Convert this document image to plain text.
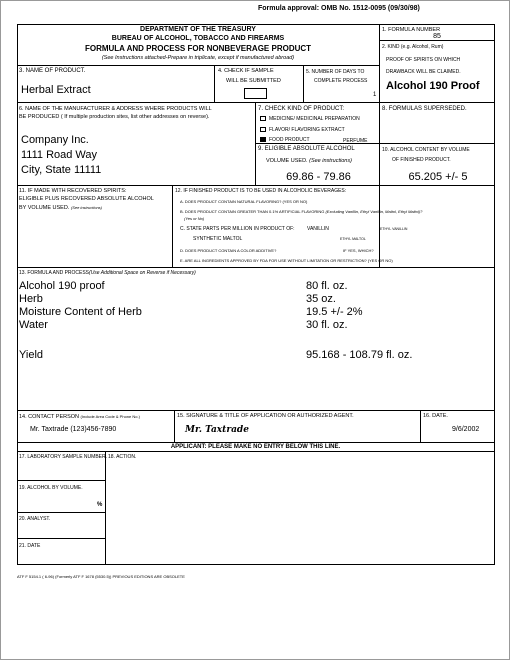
Formula approval: OMB No. 1512-0095 (09/30/98)
DEPARTMENT OF THE TREASURY
BUREAU OF ALCOHOL, TOBACCO AND FIREARMS
FORMULA AND PROCESS FOR NONBEVERAGE PRODUCT
(See Instructions attached-Prepare in triplicate, except if manufactured abroad)
1. FORMULA NUMBER
85
2. KIND (e.g. Alcohol, Rum)
PROOF OF SPIRITS ON WHICH
DRAWBACK WILL BE CLAIMED.
Alcohol 190 Proof
3. NAME OF PRODUCT.
Herbal Extract
4. CHECK IF SAMPLE
WILL BE SUBMITTED
5. NUMBER OF DAYS TO
COMPLETE PROCESS
1
6. NAME OF THE MANUFACTURER & ADDRESS WHERE PRODUCTS WILL
BE PRODUCED ( If multiple production sites, list other addresses on reverse).
Company Inc.
1111 Road Way
City, State 11111
7. CHECK KIND OF PRODUCT:
MEDICINE/ MEDICINAL PREPARATION
FLAVOR/ FLAVORING EXTRACT
FOOD PRODUCT	PERFUME
8. FORMULAS SUPERSEDED.
9. ELIGIBLE ABSOLUTE ALCOHOL
VOLUME USED. (See instructions)
69.86 - 79.86
10. ALCOHOL CONTENT BY VOLUME
OF FINISHED PRODUCT.
65.205 +/- 5
11. IF MADE WITH RECOVERED SPIRITS:
ELIGIBLE PLUS RECOVERED ABSOLUTE ALCOHOL
BY VOLUME USED. (See instructions)
12. IF FINISHED PRODUCT IS TO BE USED IN ALCOHOLIC BEVERAGES:
A. DOES PRODUCT CONTAIN NATURAL FLAVORING? (YES OR NO)
B. DOES PRODUCT CONTAIN GREATER THAN 0.1% ARTIFICIAL FLAVORING (Excluding Vanillin, Ethyl Vanillin, Maltol, Ethyl Maltol)?
(Yes or No)
C. STATE PARTS PER MILLION IN PRODUCT OF: VANILLIN	ETHYL VANILLIN
SYNTHETIC MALTOL	ETHYL MALTOL
D. DOES PRODUCT CONTAIN A COLOR ADDITIVE?	IF YES, WHICH?
E. ARE ALL INGREDIENTS APPROVED BY FDA FOR USE WITHOUT LIMITATION OR RESTRICTION? (YES OR NO)
13. FORMULA AND PROCESS(Use Additional Space on Reverse if Necessary)
Alcohol 190 proof	80 fl. oz.
Herb	35 oz.
Moisture Content of Herb	19.5 +/- 2%
Water	30 fl. oz.
Yield	95.168 - 108.79 fl. oz.
14. CONTACT PERSON (Include Area Code & Phone No.)
Mr. Taxtrade (123)456-7890
15. SIGNATURE & TITLE OF APPLICATION OR AUTHORIZED AGENT.
Mr. Taxtrade
16. DATE.
9/6/2002
APPLICANT: PLEASE MAKE NO ENTRY BELOW THIS LINE.
17. LABORATORY SAMPLE NUMBER. 18. ACTION.
19. ALCOHOL BY VOLUME.
%
20. ANALYST.
21. DATE
ATF F 5154.1 ( 6-96) (Formerly ATF F 1678 (5530.5)) PREVIOUS EDITIONS ARE OBSOLETE
